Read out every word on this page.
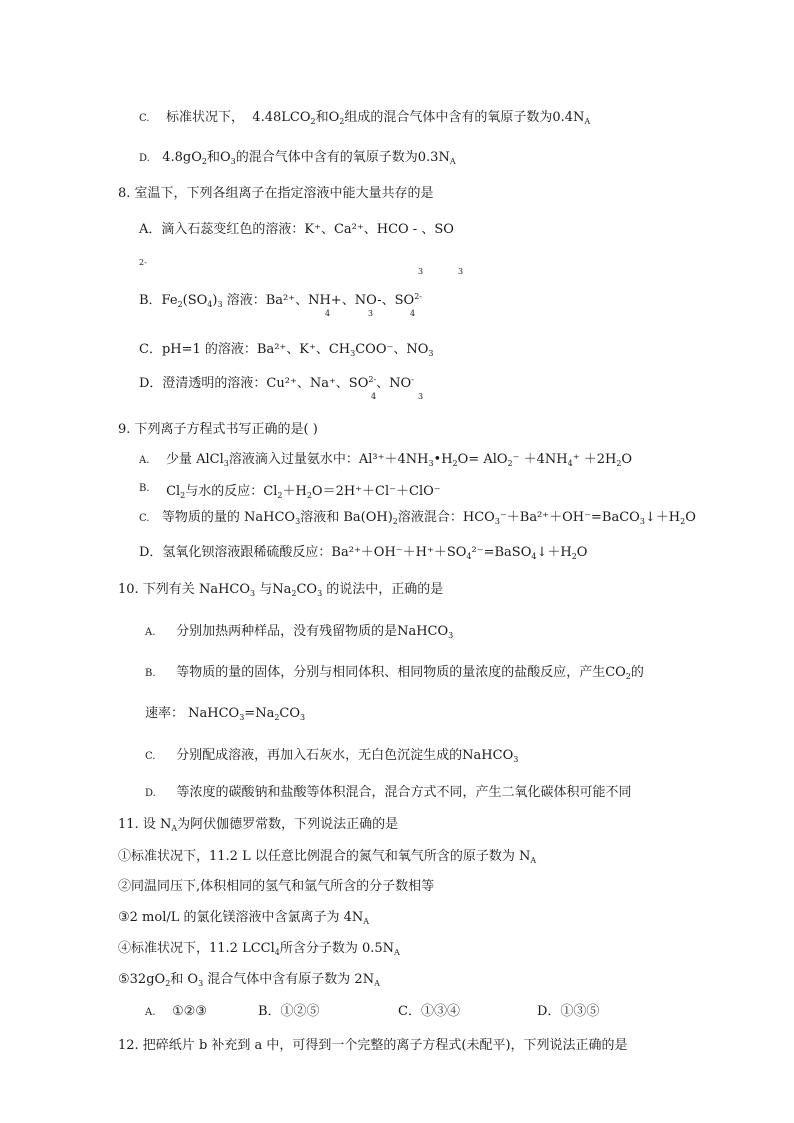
C. 标准状况下， $4.48LCO_2$和$O_2$组成的混合气体中含有的氧原子数为$0.4N_A$
D. $4.8gO_2$和$O_3$的混合气体中含有的氧原子数为$0.3N_A$
8. 室温下，下列各组离子在指定溶液中能大量共存的是
A．滴入石蕊变红色的溶液：K⁺、Ca²⁺、HCO - 、SO
2-
3	3
B．$Fe_2(SO_4)_3$ 溶液：Ba²⁺、NH+、NO-、$SO^{2-}$
4	3	4
C．pH=1 的溶液：Ba²⁺、K⁺、$CH_3COO^-$、$NO_3$
D．澄清透明的溶液：Cu²⁺、Na⁺、$SO^{2-}$、NO-
4	3
9. 下列离子方程式书写正确的是( )
A. 少量 AlCl$_3$溶液滴入过量氨水中：$Al^{3+}+4NH_3•H_2O= AlO_2^- +4NH_4^+ +2H_2O$
B. $Cl_2$与水的反应：$Cl_2+H_2O=2H^++Cl^-+ClO^-$
C. 等物质的量的 NaHCO$_3$溶液和 $Ba(OH)_2$溶液混合：$HCO_3^-+Ba^{2+}+OH^-=BaCO_3↓+H_2O$
D．氢氧化钡溶液跟稀硫酸反应：$Ba^{2+}+OH^-+H^++SO_4^{2-}=BaSO_4↓+H_2O$
10. 下列有关 NaHCO$_3$ 与$Na_2CO_3$ 的说法中，正确的是
A. 分别加热两种样品，没有残留物质的是NaHCO$_3$
B. 等物质的量的固体，分别与相同体积、相同物质的量浓度的盐酸反应，产生$CO_2$的
速率： $NaHCO_3=Na_2CO_3$
C. 分别配成溶液，再加入石灰水，无白色沉淀生成的NaHCO$_3$
D. 等浓度的碳酸钠和盐酸等体积混合，混合方式不同，产生二氧化碳体积可能不同
11. 设 $N_A$为阿伏伽德罗常数，下列说法正确的是
①标准状况下，11.2 L 以任意比例混合的氮气和氧气所含的原子数为 $N_A$
②同温同压下,体积相同的氢气和氩气所含的分子数相等
③2 mol/L 的氯化镁溶液中含氯离子为 $4N_A$
④标准状况下，11.2 LCCl$_4$所含分子数为 $0.5N_A$
$⑤32gO_2$和 $O_3$ 混合气体中含有原子数为 $2N_A$
A. ①②③	B．①②⑤	C．①③④	D．①③⑤
12. 把碎纸片 b 补充到 a 中，可得到一个完整的离子方程式(未配平)，下列说法正确的是
